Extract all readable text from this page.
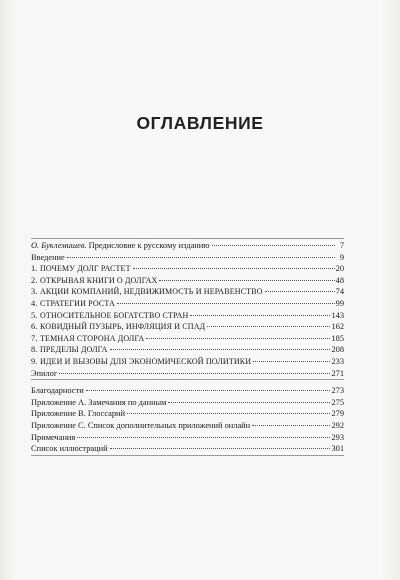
ОГЛАВЛЕНИЕ
О. Буклемишев. Предисловие к русскому изданию	7
Введение	9
1. ПОЧЕМУ ДОЛГ РАСТЕТ	20
2. ОТКРЫВАЯ КНИГИ О ДОЛГАХ	48
3. АКЦИИ КОМПАНИЙ, НЕДВИЖИМОСТЬ И НЕРАВЕНСТВО	74
4. СТРАТЕГИИ РОСТА	99
5. ОТНОСИТЕЛЬНОЕ БОГАТСТВО СТРАН	143
6. КОВИДНЫЙ ПУЗЫРЬ, ИНФЛЯЦИЯ И СПАД	162
7. ТЕМНАЯ СТОРОНА ДОЛГА	185
8. ПРЕДЕЛЫ ДОЛГА	208
9. ИДЕИ И ВЫЗОВЫ ДЛЯ ЭКОНОМИЧЕСКОЙ ПОЛИТИКИ	233
Эпилог	271
Благодарности	273
Приложение А. Замечания по данным	275
Приложение В. Глоссарий	279
Приложение С. Список дополнительных приложений онлайн	292
Примечания	293
Список иллюстраций	301
